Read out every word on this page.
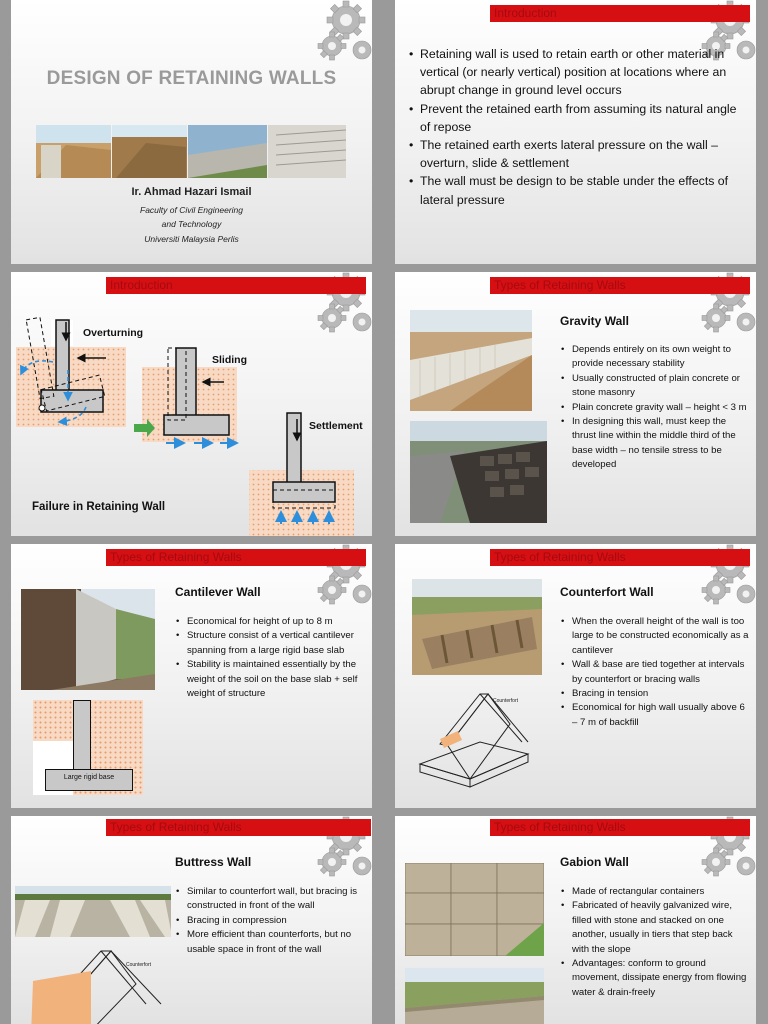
DESIGN OF RETAINING WALLS
Ir. Ahmad Hazari Ismail
Faculty of Civil Engineering
and Technology
Universiti Malaysia Perlis
Introduction
• Retaining wall is used to retain earth or other material in vertical (or nearly vertical) position at locations where an abrupt change in ground level occurs
• Prevent the retained earth from assuming its natural angle of repose
• The retained earth exerts lateral pressure on the wall – overturn, slide & settlement
• The wall must be design to be stable under the effects of lateral pressure
Introduction
Overturning
Sliding
Settlement
Failure in Retaining Wall
Types of Retaining Walls
Gravity Wall
• Depends entirely on its own weight to provide necessary stability
• Usually constructed of plain concrete or stone masonry
• Plain concrete gravity wall – height < 3 m
• In designing this wall, must keep the thrust line within the middle third of the base width – no tensile stress to be developed
Types of Retaining Walls
Cantilever Wall
• Economical for height of up to 8 m
• Structure consist of a vertical cantilever spanning from a large rigid base slab
• Stability is maintained essentially by the weight of the soil on the base slab + self weight of structure
Large rigid base
Types of Retaining Walls
Counterfort
Counterfort Wall
• When the overall height of the wall is too large to be constructed economically as a cantilever
• Wall & base are tied together at intervals by counterfort or bracing walls
• Bracing in tension
• Economical for high wall usually above 6 – 7 m of backfill
Types of Retaining Walls
Counterfort
Buttress Wall
• Similar to counterfort wall, but bracing is constructed in front of the wall
• Bracing in compression
• More efficient than counterforts, but no usable space in front of the wall
Types of Retaining Walls
Gabion Wall
• Made of rectangular containers
• Fabricated of heavily galvanized wire, filled with stone and stacked on one another, usually in tiers that step back with the slope
• Advantages: conform to ground movement, dissipate energy from flowing water & drain-freely
